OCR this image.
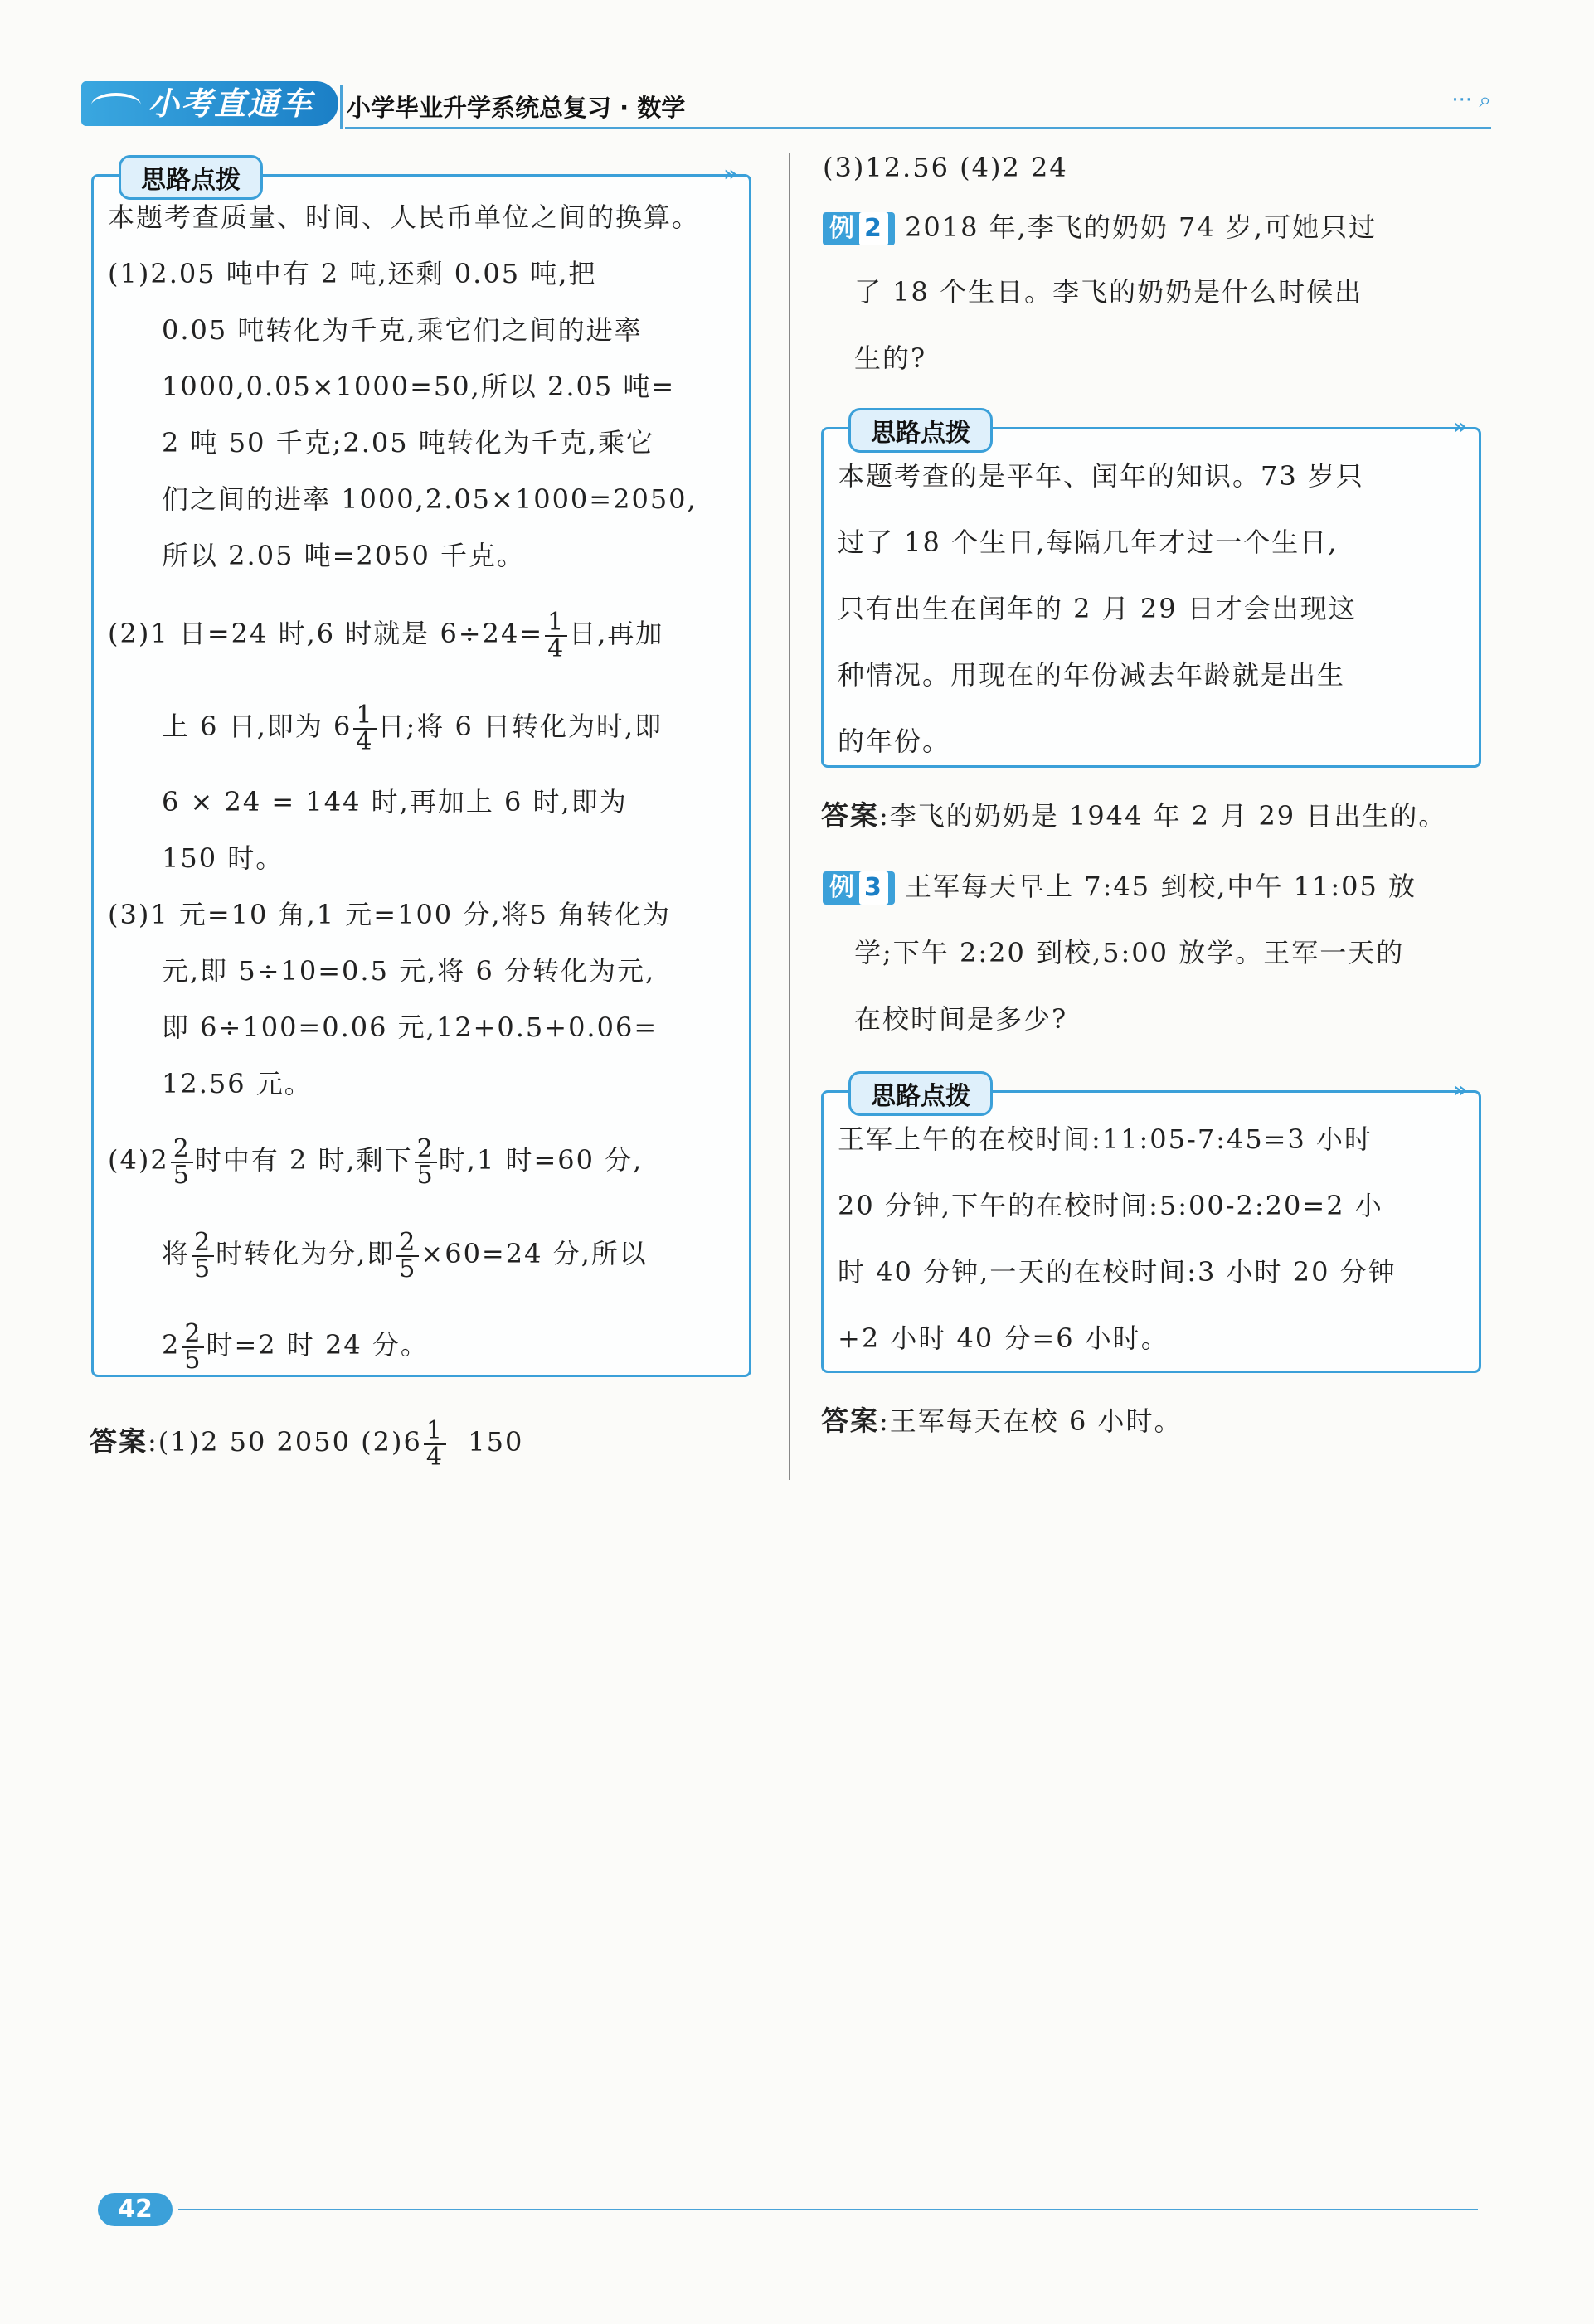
小考直通车	小学毕业升学系统总复习 · 数学	··· ⌕
思路点拨	»
本题考查质量、时间、人民币单位之间的换算。
(1)2.05 吨中有 2 吨,还剩 0.05 吨,把
0.05 吨转化为千克,乘它们之间的进率
1000,0.05×1000=50,所以 2.05 吨=
2 吨 50 千克;2.05 吨转化为千克,乘它
们之间的进率 1000,2.05×1000=2050,
所以 2.05 吨=2050 千克。
(2)1 日=24 时,6 时就是 $6\div 24= \frac{1}{4}$ 日,再加
上 6 日,即为 $6 \frac{1}{4}$ 日;将 6 日转化为时,即
6 × 24 = 144 时,再加上 6 时,即为
150 时。
(3)1 元=10 角,1 元=100 分,将5 角转化为
元,即 5÷10=0.5 元,将 6 分转化为元,
即 6÷100=0.06 元,12+0.5+0.06=
12.56 元。
$(4)2 \frac{2}{5}$ 时中有 2 时,剩下 $\frac{2}{5}$ 时,1 时=60 分,
将 $\frac{2}{5}$ 时转化为分,即 $\frac{2}{5} \times 60=24$ 分,所以
$2 \frac{2}{5}$ 时=2 时 24 分。
答案:(1)2 50 2050 $(2)6 \frac{1}{4} 150$
(3)12.56 (4)2 24
例 2 2018 年,李飞的奶奶 74 岁,可她只过
了 18 个生日。李飞的奶奶是什么时候出
生的?
思路点拨	»
本题考查的是平年、闰年的知识。73 岁只
过了 18 个生日,每隔几年才过一个生日,
只有出生在闰年的 2 月 29 日才会出现这
种情况。用现在的年份减去年龄就是出生
的年份。
答案:李飞的奶奶是 1944 年 2 月 29 日出生的。
例 3 王军每天早上 7:45 到校,中午 11:05 放
学;下午 2:20 到校,5:00 放学。王军一天的
在校时间是多少?
思路点拨	»
王军上午的在校时间:11:05-7:45=3 小时
20 分钟,下午的在校时间:5:00-2:20=2 小
时 40 分钟,一天的在校时间:3 小时 20 分钟
+2 小时 40 分=6 小时。
答案:王军每天在校 6 小时。
42
